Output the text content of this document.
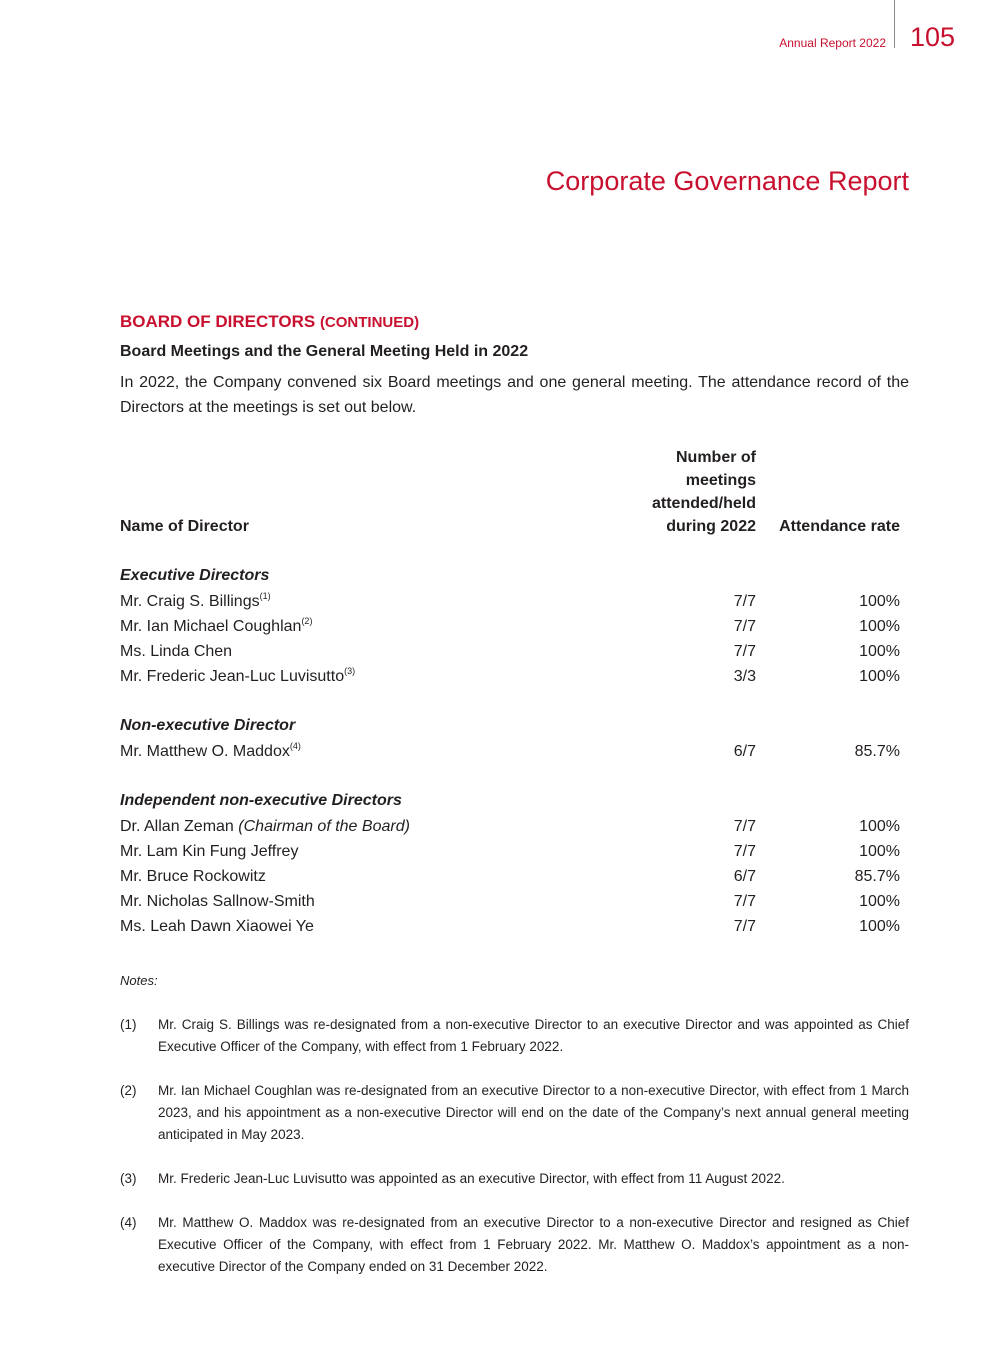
Annual Report 2022 105
Corporate Governance Report
BOARD OF DIRECTORS (CONTINUED)
Board Meetings and the General Meeting Held in 2022

In 2022, the Company convened six Board meetings and one general meeting. The attendance record of the Directors at the meetings is set out below.

Name of Director	Number of
meetings
attended/held
during 2022	Attendance rate

Executive Directors		
Mr. Craig S. Billings$^{(1)}$	7/7	100%
Mr. Ian Michael Coughlan$^{(2)}$	7/7	100%
Ms. Linda Chen	7/7	100%
Mr. Frederic Jean-Luc Luvisutto$^{(3)}$	3/3	100%

Non-executive Director		
Mr. Matthew O. Maddox$^{(4)}$	6/7	85.7%

Independent non-executive Directors		
Dr. Allan Zeman (Chairman of the Board)	7/7	100%
Mr. Lam Kin Fung Jeffrey	7/7	100%
Mr. Bruce Rockowitz	6/7	85.7%
Mr. Nicholas Sallnow-Smith	7/7	100%
Ms. Leah Dawn Xiaowei Ye	7/7	100%
Notes:
(1) Mr. Craig S. Billings was re-designated from a non-executive Director to an executive Director and was appointed as Chief Executive Officer of the Company, with effect from 1 February 2022.
(2) Mr. Ian Michael Coughlan was re-designated from an executive Director to a non-executive Director, with effect from 1 March 2023, and his appointment as a non-executive Director will end on the date of the Company’s next annual general meeting anticipated in May 2023.
(3) Mr. Frederic Jean-Luc Luvisutto was appointed as an executive Director, with effect from 11 August 2022.
(4) Mr. Matthew O. Maddox was re-designated from an executive Director to a non-executive Director and resigned as Chief Executive Officer of the Company, with effect from 1 February 2022. Mr. Matthew O. Maddox’s appointment as a non-executive Director of the Company ended on 31 December 2022.
